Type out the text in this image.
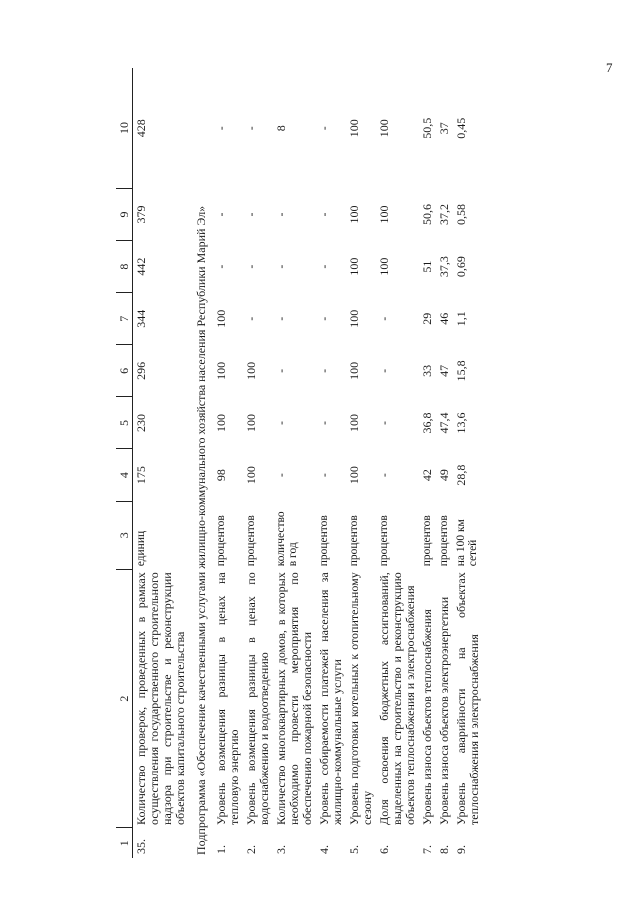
7
1	2	3	4	5	6	7	8	9	10
35.	Количество проверок, проведенных в рамках осуществления государственного строительного надзора при строительстве и реконструкции объектов капитального строительства	единиц	175	230	296	344	442	379	428
Подпрограмма «Обеспечение качественными услугами жилищно-коммунального хозяйства населения Республики Марий Эл»									
1.	Уровень возмещения разницы в ценах на тепловую энергию	процентов	98	100	100	100	-	-	-
2.	Уровень возмещения разницы в ценах по водоснабжению и водоотведению	процентов	100	100	100	-	-	-	-
3.	Количество многоквартирных домов, в которых необходимо провести мероприятия по обеспечению пожарной безопасности	количество в год	-	-	-	-	-	-	8
4.	Уровень собираемости платежей населения за жилищно-коммунальные услуги	процентов	-	-	-	-	-	-	-
5.	Уровень подготовки котельных к отопительному сезону	процентов	100	100	100	100	100	100	100
6.	Доля освоения бюджетных ассигнований, выделенных на строительство и реконструкцию объектов теплоснабжения и электроснабжения	процентов	-	-	-	-	100	100	100
7.	Уровень износа объектов теплоснабжения	процентов	42	36,8	33	29	51	50,6	50,5
8.	Уровень износа объектов электроэнергетики	процентов	49	47,4	47	46	37,3	37,2	37
9.	Уровень аварийности на объектах теплоснабжения и электроснабжения	на 100 км сетей	28,8	13,6	15,8	1,1	0,69	0,58	0,45
